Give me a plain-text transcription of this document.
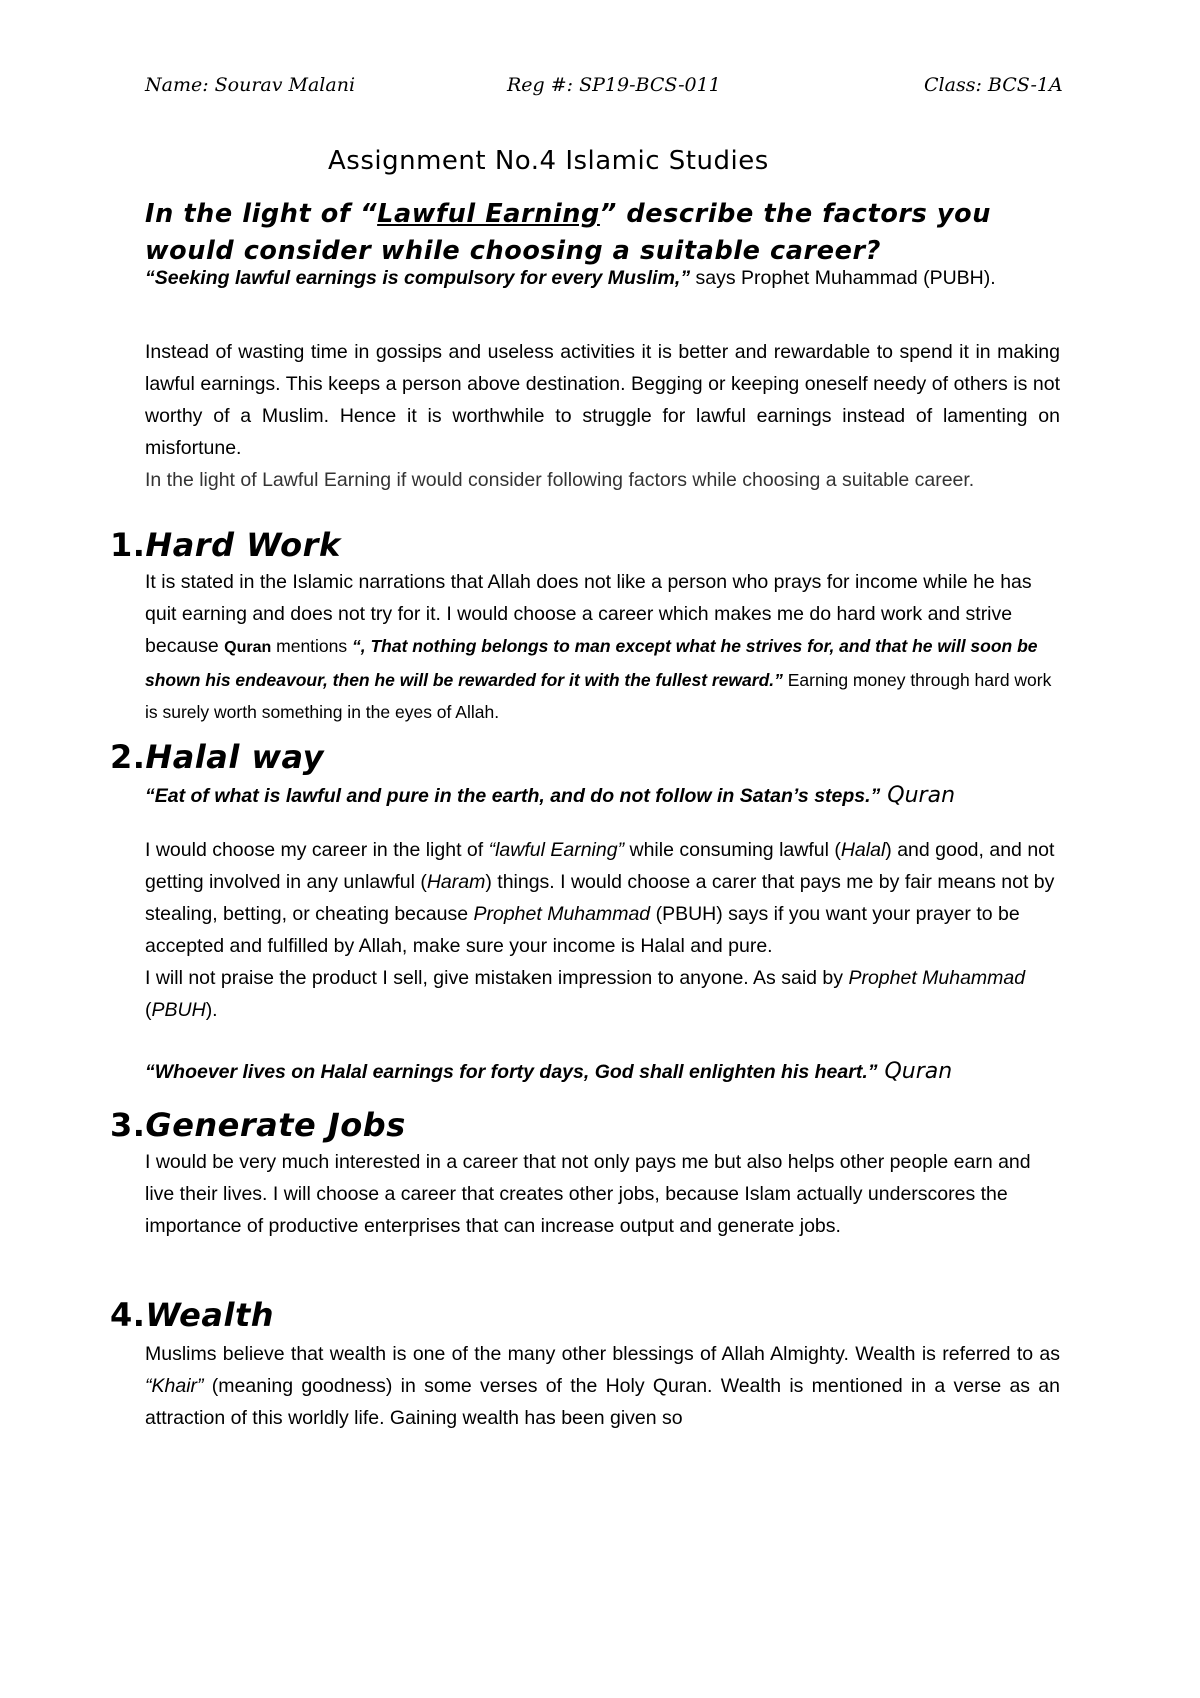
Name: Sourav Malani	Reg #: SP19-BCS-011	Class: BCS-1A
Assignment No.4 Islamic Studies
In the light of “Lawful Earning” describe the factors you would consider while choosing a suitable career?
“Seeking lawful earnings is compulsory for every Muslim,” says Prophet Muhammad (PUBH).
Instead of wasting time in gossips and useless activities it is better and rewardable to spend it in making lawful earnings. This keeps a person above destination. Begging or keeping oneself needy of others is not worthy of a Muslim. Hence it is worthwhile to struggle for lawful earnings instead of lamenting on misfortune.
In the light of Lawful Earning if would consider following factors while choosing a suitable career.
1.Hard Work
It is stated in the Islamic narrations that Allah does not like a person who prays for income while he has quit earning and does not try for it. I would choose a career which makes me do hard work and strive because Quran mentions “, That nothing belongs to man except what he strives for, and that he will soon be shown his endeavour, then he will be rewarded for it with the fullest reward.” Earning money through hard work is surely worth something in the eyes of Allah.
2.Halal way
“Eat of what is lawful and pure in the earth, and do not follow in Satan’s steps.” Quran
I would choose my career in the light of “lawful Earning” while consuming lawful (Halal) and good, and not getting involved in any unlawful (Haram) things. I would choose a carer that pays me by fair means not by stealing, betting, or cheating because Prophet Muhammad (PBUH) says if you want your prayer to be accepted and fulfilled by Allah, make sure your income is Halal and pure.
I will not praise the product I sell, give mistaken impression to anyone. As said by Prophet Muhammad (PBUH).
“Whoever lives on Halal earnings for forty days, God shall enlighten his heart.” Quran
3.Generate Jobs
I would be very much interested in a career that not only pays me but also helps other people earn and live their lives. I will choose a career that creates other jobs, because Islam actually underscores the importance of productive enterprises that can increase output and generate jobs.
4.Wealth
Muslims believe that wealth is one of the many other blessings of Allah Almighty. Wealth is referred to as “Khair” (meaning goodness) in some verses of the Holy Quran. Wealth is mentioned in a verse as an attraction of this worldly life. Gaining wealth has been given so
